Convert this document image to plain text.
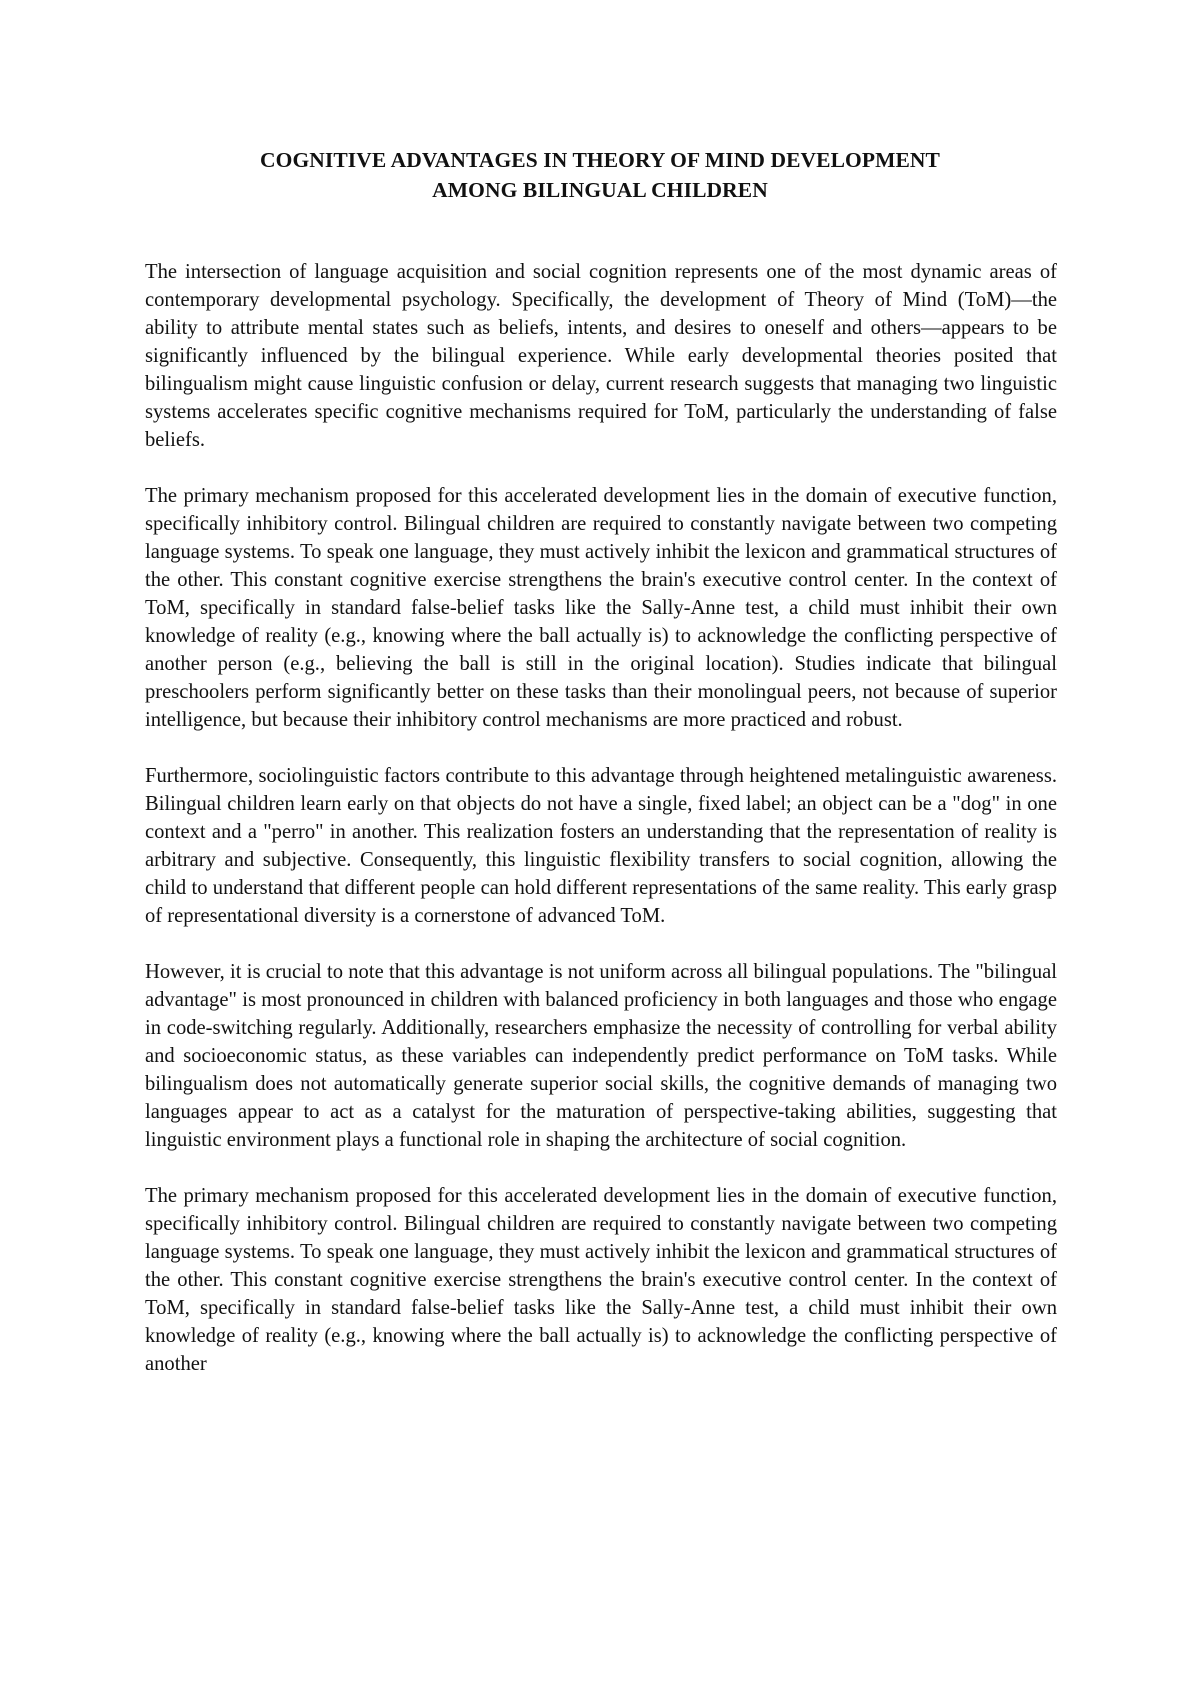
COGNITIVE ADVANTAGES IN THEORY OF MIND DEVELOPMENT
AMONG BILINGUAL CHILDREN

The intersection of language acquisition and social cognition represents one of the most dynamic areas of contemporary developmental psychology. Specifically, the development of Theory of Mind (ToM)—the ability to attribute mental states such as beliefs, intents, and desires to oneself and others—appears to be significantly influenced by the bilingual experience. While early developmental theories posited that bilingualism might cause linguistic confusion or delay, current research suggests that managing two linguistic systems accelerates specific cognitive mechanisms required for ToM, particularly the understanding of false beliefs.

The primary mechanism proposed for this accelerated development lies in the domain of executive function, specifically inhibitory control. Bilingual children are required to constantly navigate between two competing language systems. To speak one language, they must actively inhibit the lexicon and grammatical structures of the other. This constant cognitive exercise strengthens the brain's executive control center. In the context of ToM, specifically in standard false-belief tasks like the Sally-Anne test, a child must inhibit their own knowledge of reality (e.g., knowing where the ball actually is) to acknowledge the conflicting perspective of another person (e.g., believing the ball is still in the original location). Studies indicate that bilingual preschoolers perform significantly better on these tasks than their monolingual peers, not because of superior intelligence, but because their inhibitory control mechanisms are more practiced and robust.

Furthermore, sociolinguistic factors contribute to this advantage through heightened metalinguistic awareness. Bilingual children learn early on that objects do not have a single, fixed label; an object can be a "dog" in one context and a "perro" in another. This realization fosters an understanding that the representation of reality is arbitrary and subjective. Consequently, this linguistic flexibility transfers to social cognition, allowing the child to understand that different people can hold different representations of the same reality. This early grasp of representational diversity is a cornerstone of advanced ToM.

However, it is crucial to note that this advantage is not uniform across all bilingual populations. The "bilingual advantage" is most pronounced in children with balanced proficiency in both languages and those who engage in code-switching regularly. Additionally, researchers emphasize the necessity of controlling for verbal ability and socioeconomic status, as these variables can independently predict performance on ToM tasks. While bilingualism does not automatically generate superior social skills, the cognitive demands of managing two languages appear to act as a catalyst for the maturation of perspective-taking abilities, suggesting that linguistic environment plays a functional role in shaping the architecture of social cognition.

The primary mechanism proposed for this accelerated development lies in the domain of executive function, specifically inhibitory control. Bilingual children are required to constantly navigate between two competing language systems. To speak one language, they must actively inhibit the lexicon and grammatical structures of the other. This constant cognitive exercise strengthens the brain's executive control center. In the context of ToM, specifically in standard false-belief tasks like the Sally-Anne test, a child must inhibit their own knowledge of reality (e.g., knowing where the ball actually is) to acknowledge the conflicting perspective of another
